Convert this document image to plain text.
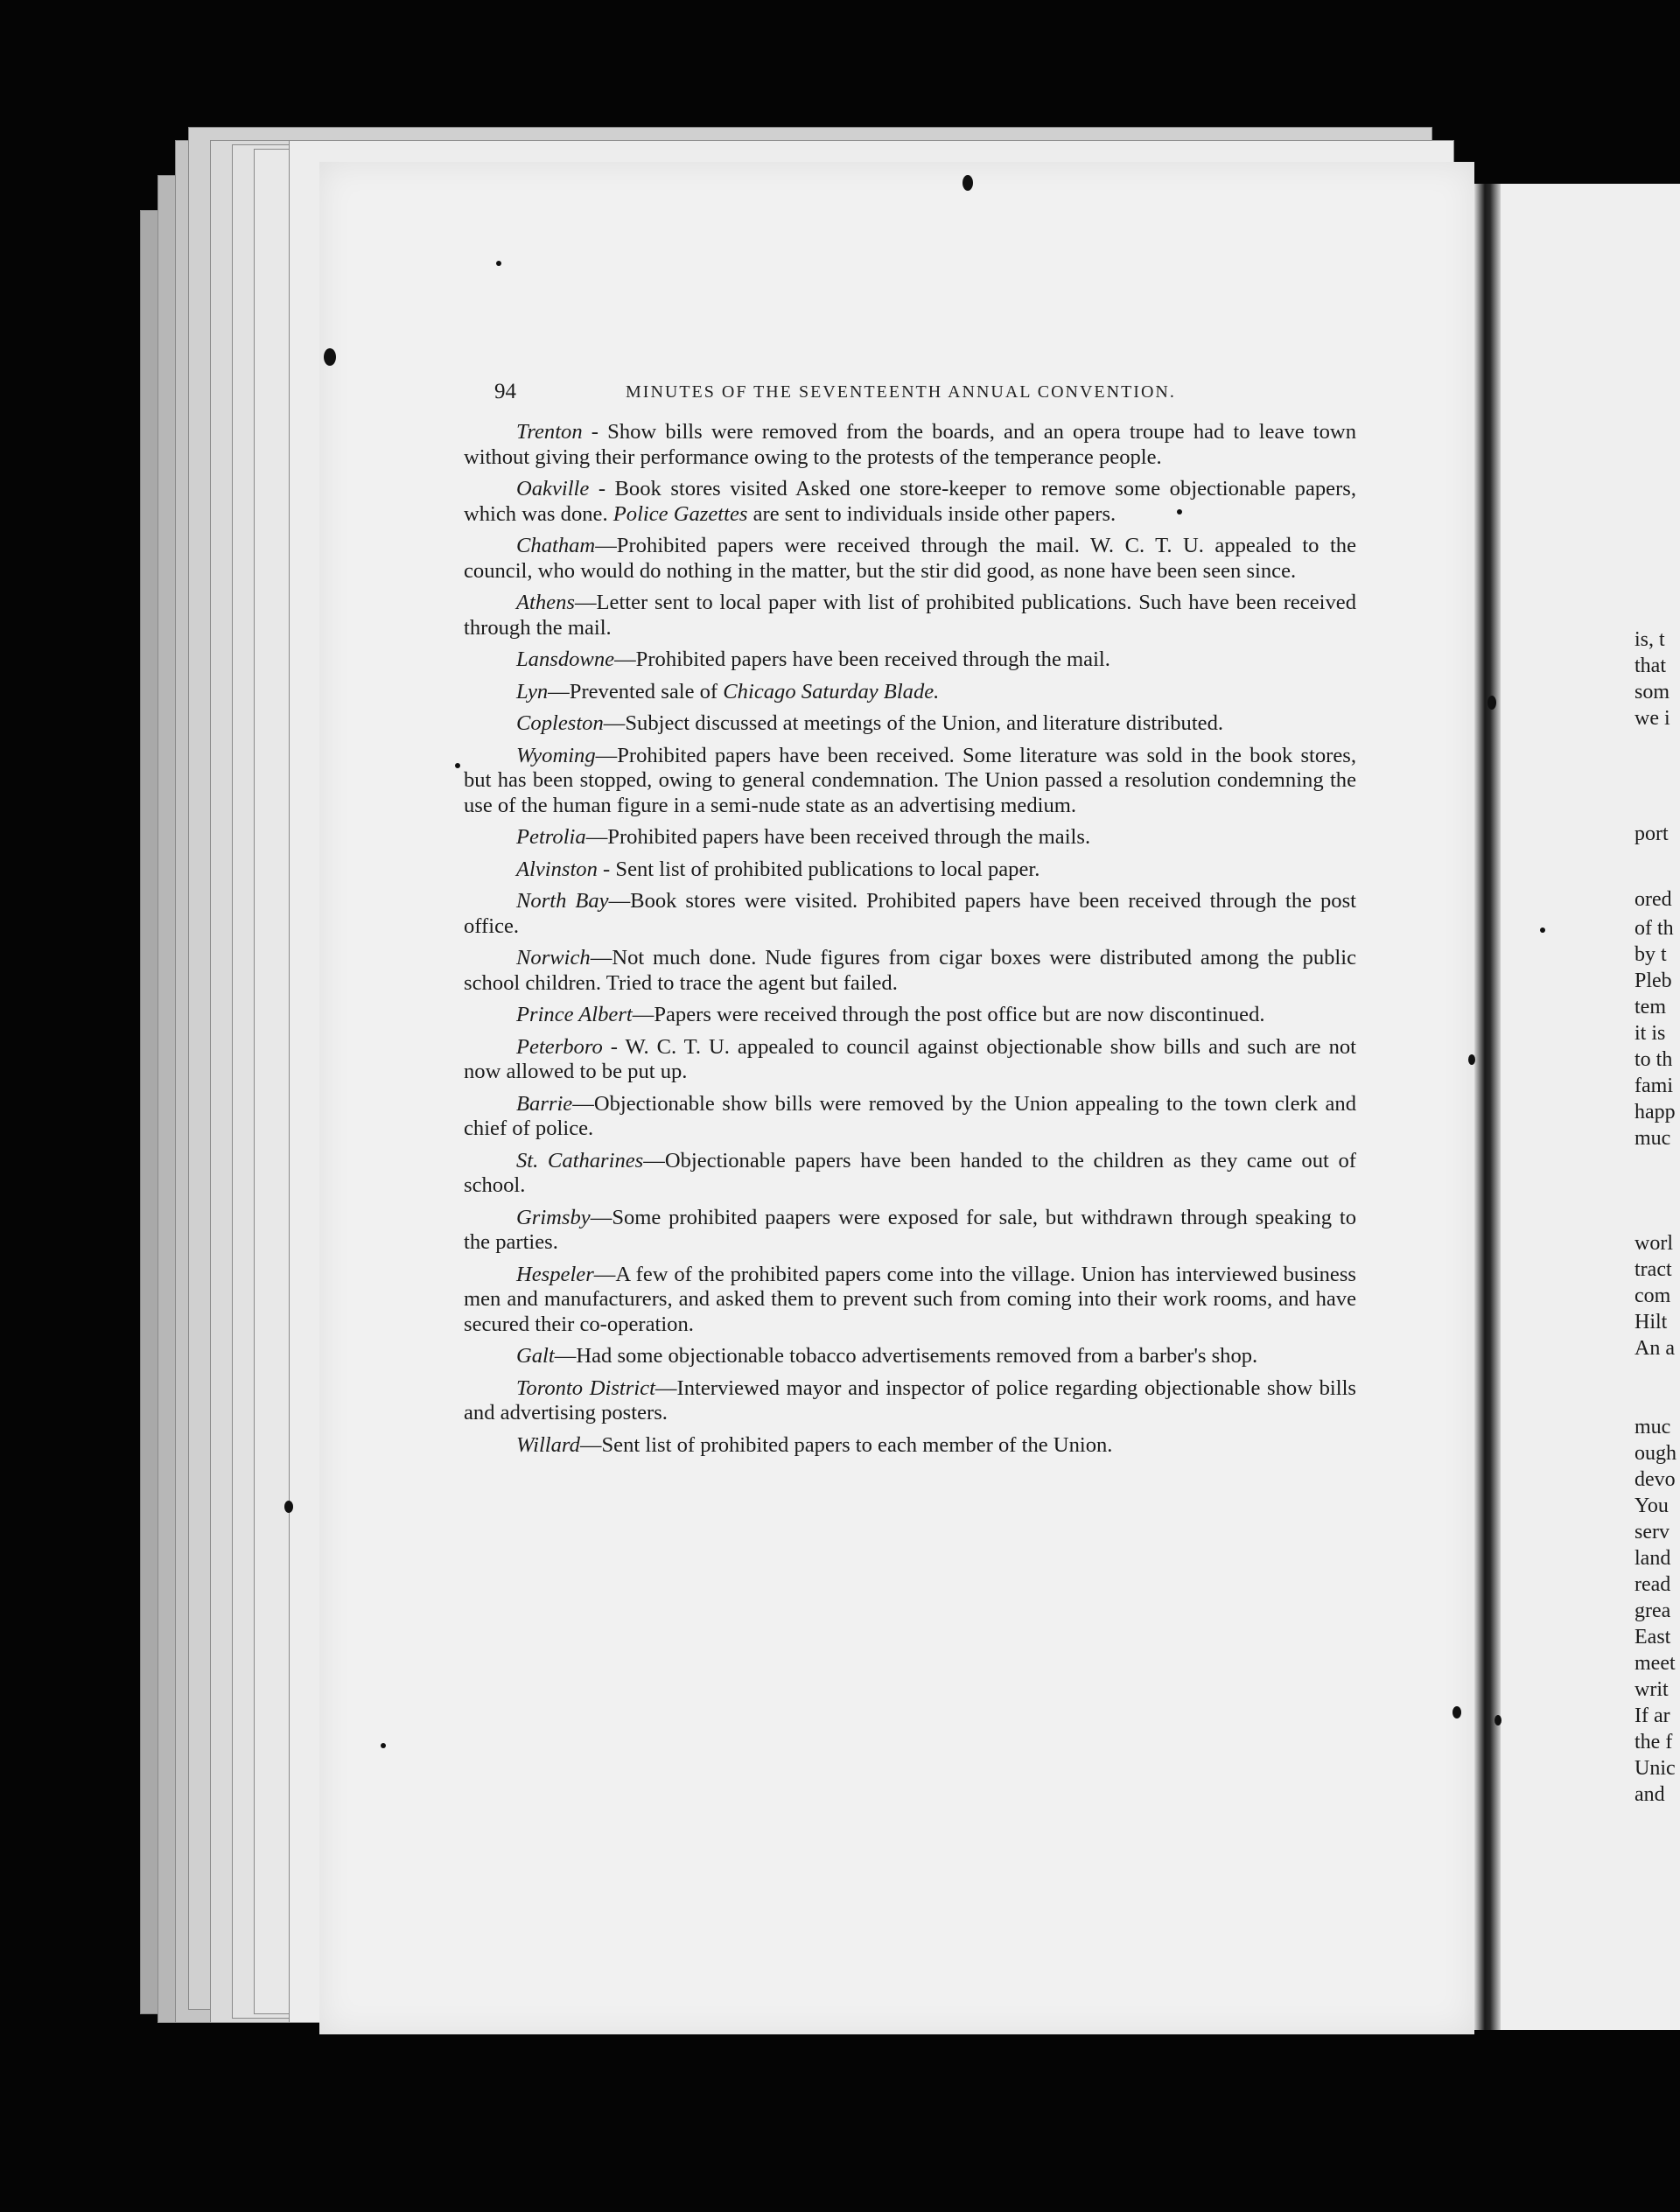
is, t
that
som
we i
port
ored
of th
by t
Pleb
tem
it is
to th
fami
happ
muc
worl
tract
com
Hilt
An a
muc
ough
devo
You
serv
land
read
grea
East
meet
writ
If ar
the f
Unic
and
94	MINUTES OF THE SEVENTEENTH ANNUAL CONVENTION.

Trenton - Show bills were removed from the boards, and an opera troupe had to leave town without giving their performance owing to the protests of the temperance people.

Oakville - Book stores visited Asked one store-keeper to remove some objectionable papers, which was done. Police Gazettes are sent to individuals inside other papers.

Chatham—Prohibited papers were received through the mail. W. C. T. U. appealed to the council, who would do nothing in the matter, but the stir did good, as none have been seen since.

Athens—Letter sent to local paper with list of prohibited publications. Such have been received through the mail.

Lansdowne—Prohibited papers have been received through the mail.

Lyn—Prevented sale of Chicago Saturday Blade.

Copleston—Subject discussed at meetings of the Union, and literature distributed.

Wyoming—Prohibited papers have been received. Some literature was sold in the book stores, but has been stopped, owing to general condemnation. The Union passed a resolution condemning the use of the human figure in a semi-nude state as an advertising medium.

Petrolia—Prohibited papers have been received through the mails.

Alvinston - Sent list of prohibited publications to local paper.

North Bay—Book stores were visited. Prohibited papers have been received through the post office.

Norwich—Not much done. Nude figures from cigar boxes were distributed among the public school children. Tried to trace the agent but failed.

Prince Albert—Papers were received through the post office but are now discontinued.

Peterboro - W. C. T. U. appealed to council against objectionable show bills and such are not now allowed to be put up.

Barrie—Objectionable show bills were removed by the Union appealing to the town clerk and chief of police.

St. Catharines—Objectionable papers have been handed to the children as they came out of school.

Grimsby—Some prohibited paapers were exposed for sale, but withdrawn through speaking to the parties.

Hespeler—A few of the prohibited papers come into the village. Union has interviewed business men and manufacturers, and asked them to prevent such from coming into their work rooms, and have secured their co-operation.

Galt—Had some objectionable tobacco advertisements removed from a barber's shop.

Toronto District—Interviewed mayor and inspector of police regarding objectionable show bills and advertising posters.

Willard—Sent list of prohibited papers to each member of the Union.
